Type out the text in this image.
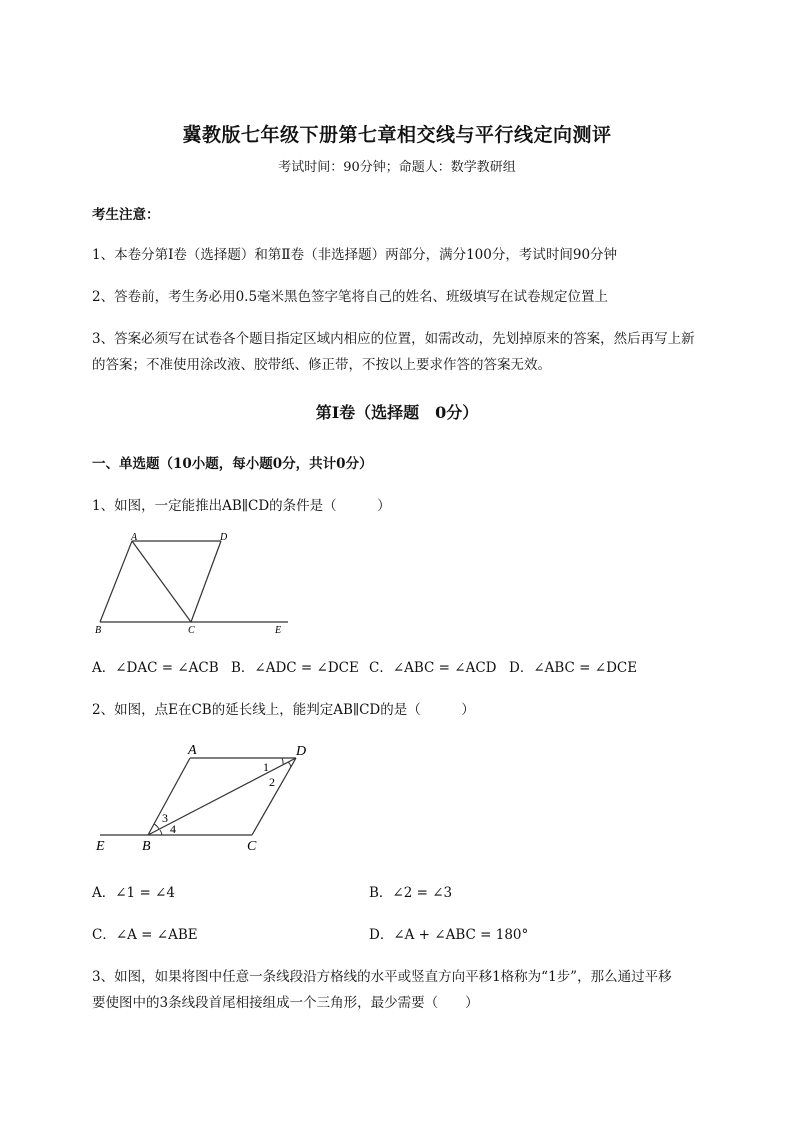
冀教版七年级下册第七章相交线与平行线定向测评
考试时间：90分钟；命题人：数学教研组
考生注意：
1、本卷分第I卷（选择题）和第Ⅱ卷（非选择题）两部分，满分100分，考试时间90分钟
2、答卷前，考生务必用0.5毫米黑色签字笔将自己的姓名、班级填写在试卷规定位置上
3、答案必须写在试卷各个题目指定区域内相应的位置，如需改动，先划掉原来的答案，然后再写上新
的答案；不准使用涂改液、胶带纸、修正带，不按以上要求作答的答案无效。
第I卷（选择题　0分）
一、单选题（10小题，每小题0分，共计0分）
1、如图，一定能推出AB∥CD的条件是（　　　）
A	D
B	C	E
A．∠DAC = ∠ACB B．∠ADC = ∠DCE C．∠ABC = ∠ACD D．∠ABC = ∠DCE
2、如图，点E在CB的延长线上，能判定AB∥CD的是（　　　）
A	D
1
2
3
4
E	B	C
A．∠1 = ∠4	B．∠2 = ∠3
C．∠A = ∠ABE	D．∠A + ∠ABC = 180°
3、如图，如果将图中任意一条线段沿方格线的水平或竖直方向平移1格称为“1步”，那么通过平移
要使图中的3条线段首尾相接组成一个三角形，最少需要（　　）
